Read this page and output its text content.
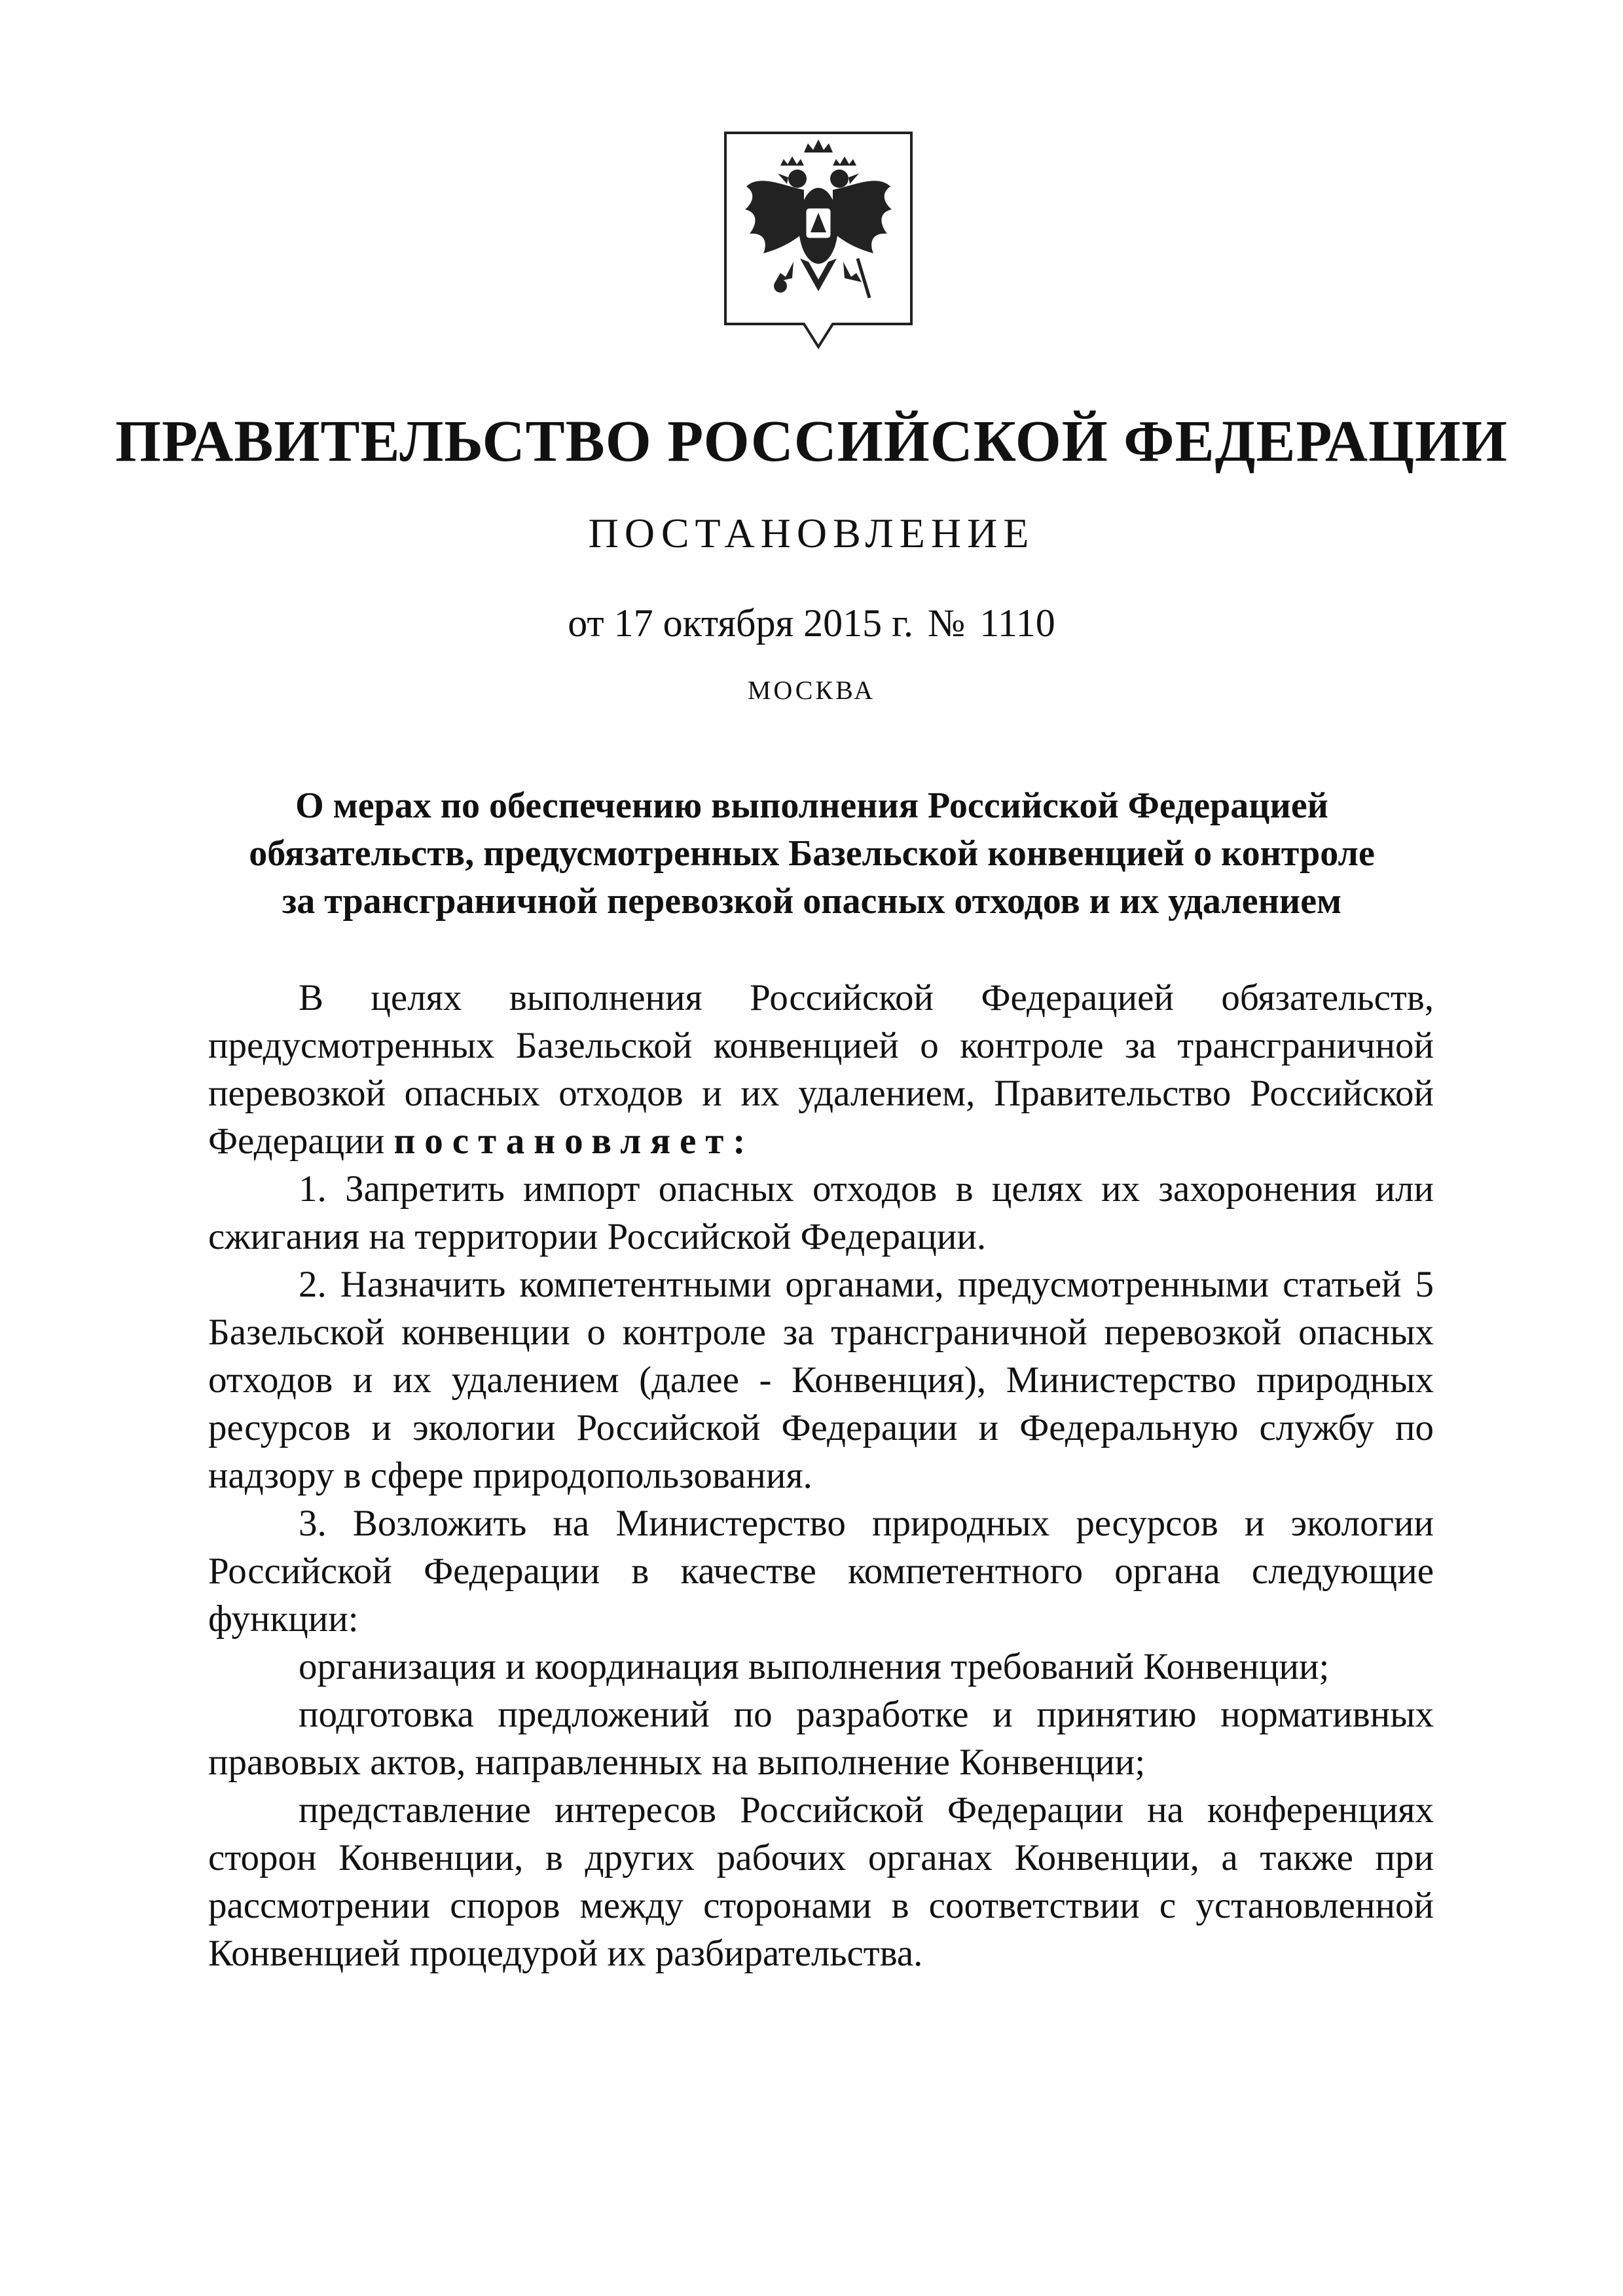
ПРАВИТЕЛЬСТВО РОССИЙСКОЙ ФЕДЕРАЦИИ
ПОСТАНОВЛЕНИЕ
от 17 октября 2015 г. № 1110
МОСКВА
О мерах по обеспечению выполнения Российской Федерацией
обязательств, предусмотренных Базельской конвенцией о контроле
за трансграничной перевозкой опасных отходов и их удалением

В целях выполнения Российской Федерацией обязательств, предусмотренных Базельской конвенцией о контроле за трансграничной перевозкой опасных отходов и их удалением, Правительство Российской Федерации постановляет:

1. Запретить импорт опасных отходов в целях их захоронения или сжигания на территории Российской Федерации.

2. Назначить компетентными органами, предусмотренными статьей 5 Базельской конвенции о контроле за трансграничной перевозкой опасных отходов и их удалением (далее - Конвенция), Министерство природных ресурсов и экологии Российской Федерации и Федеральную службу по надзору в сфере природопользования.

3. Возложить на Министерство природных ресурсов и экологии Российской Федерации в качестве компетентного органа следующие функции:

организация и координация выполнения требований Конвенции;

подготовка предложений по разработке и принятию нормативных правовых актов, направленных на выполнение Конвенции;

представление интересов Российской Федерации на конференциях сторон Конвенции, в других рабочих органах Конвенции, а также при рассмотрении споров между сторонами в соответствии с установленной Конвенцией процедурой их разбирательства.
